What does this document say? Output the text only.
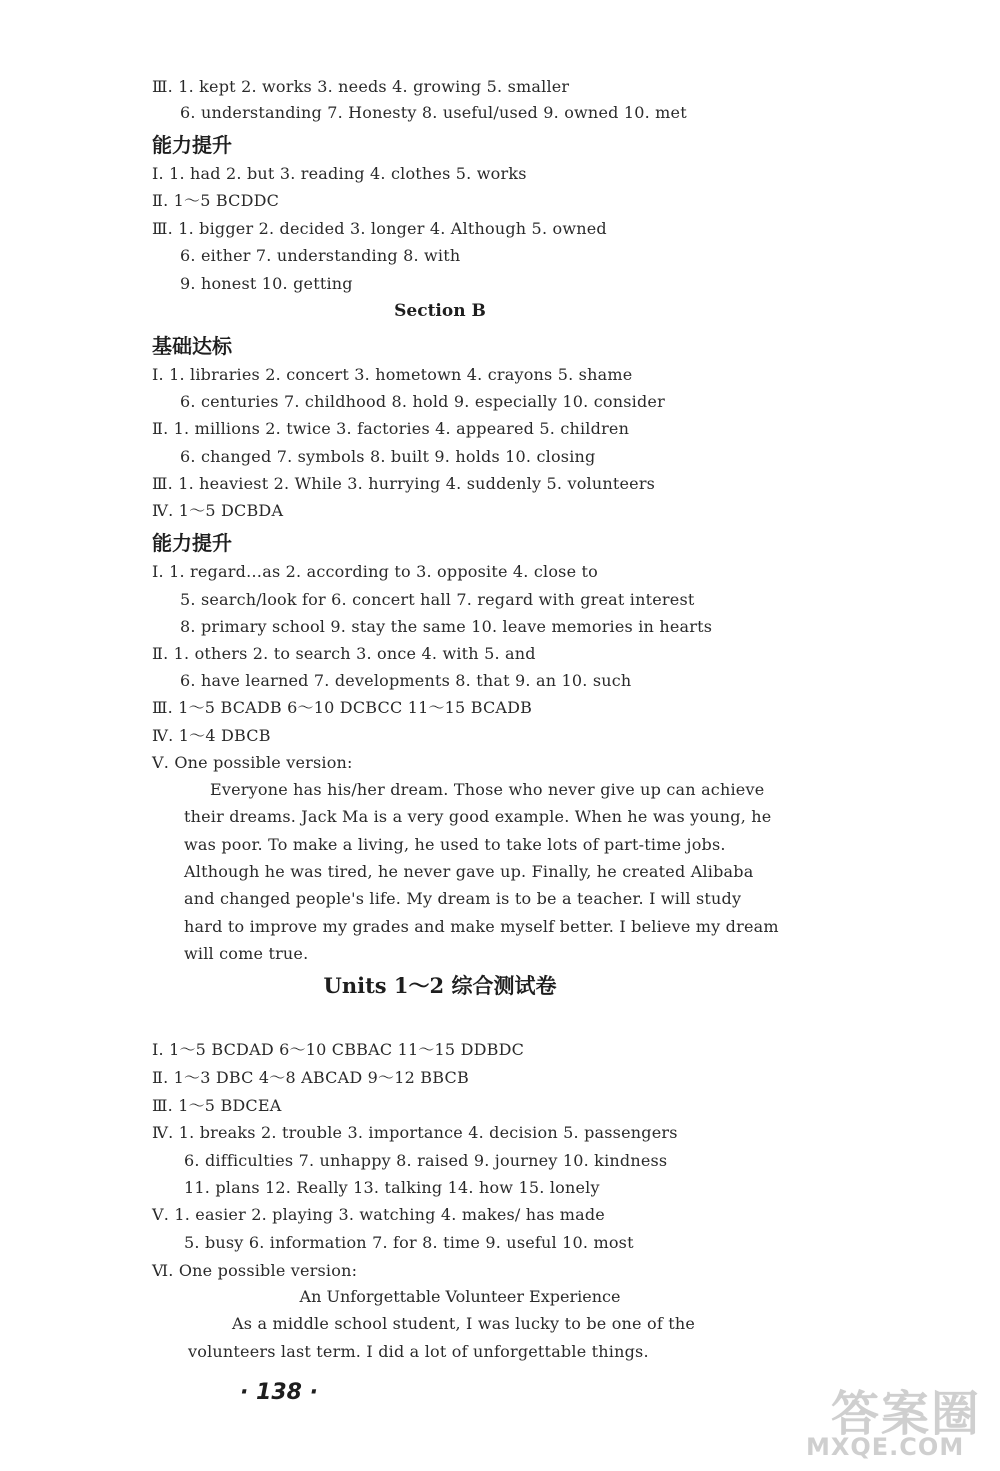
Ⅲ. 1. kept 2. works 3. needs 4. growing 5. smaller
6. understanding 7. Honesty 8. useful/used 9. owned 10. met
能力提升
Ⅰ. 1. had 2. but 3. reading 4. clothes 5. works
Ⅱ. 1～5 BCDDC
Ⅲ. 1. bigger 2. decided 3. longer 4. Although 5. owned
6. either 7. understanding 8. with
9. honest 10. getting
Section B
基础达标
Ⅰ. 1. libraries 2. concert 3. hometown 4. crayons 5. shame
6. centuries 7. childhood 8. hold 9. especially 10. consider
Ⅱ. 1. millions 2. twice 3. factories 4. appeared 5. children
6. changed 7. symbols 8. built 9. holds 10. closing
Ⅲ. 1. heaviest 2. While 3. hurrying 4. suddenly 5. volunteers
Ⅳ. 1～5 DCBDA
能力提升
Ⅰ. 1. regard…as 2. according to 3. opposite 4. close to
5. search/look for 6. concert hall 7. regard with great interest
8. primary school 9. stay the same 10. leave memories in hearts
Ⅱ. 1. others 2. to search 3. once 4. with 5. and
6. have learned 7. developments 8. that 9. an 10. such
Ⅲ. 1～5 BCADB 6～10 DCBCC 11～15 BCADB
Ⅳ. 1～4 DBCB
Ⅴ. One possible version:
Everyone has his/her dream. Those who never give up can achieve
their dreams. Jack Ma is a very good example. When he was young, he
was poor. To make a living, he used to take lots of part-time jobs.
Although he was tired, he never gave up. Finally, he created Alibaba
and changed people's life. My dream is to be a teacher. I will study
hard to improve my grades and make myself better. I believe my dream
will come true.
Units 1～2 综合测试卷
Ⅰ. 1～5 BCDAD 6～10 CBBAC 11～15 DDBDC
Ⅱ. 1～3 DBC 4～8 ABCAD 9～12 BBCB
Ⅲ. 1～5 BDCEA
Ⅳ. 1. breaks 2. trouble 3. importance 4. decision 5. passengers
6. difficulties 7. unhappy 8. raised 9. journey 10. kindness
11. plans 12. Really 13. talking 14. how 15. lonely
Ⅴ. 1. easier 2. playing 3. watching 4. makes/ has made
5. busy 6. information 7. for 8. time 9. useful 10. most
Ⅵ. One possible version:
An Unforgettable Volunteer Experience
As a middle school student, I was lucky to be one of the
volunteers last term. I did a lot of unforgettable things.
· 138 ·	答案圈
MXQE.COM
